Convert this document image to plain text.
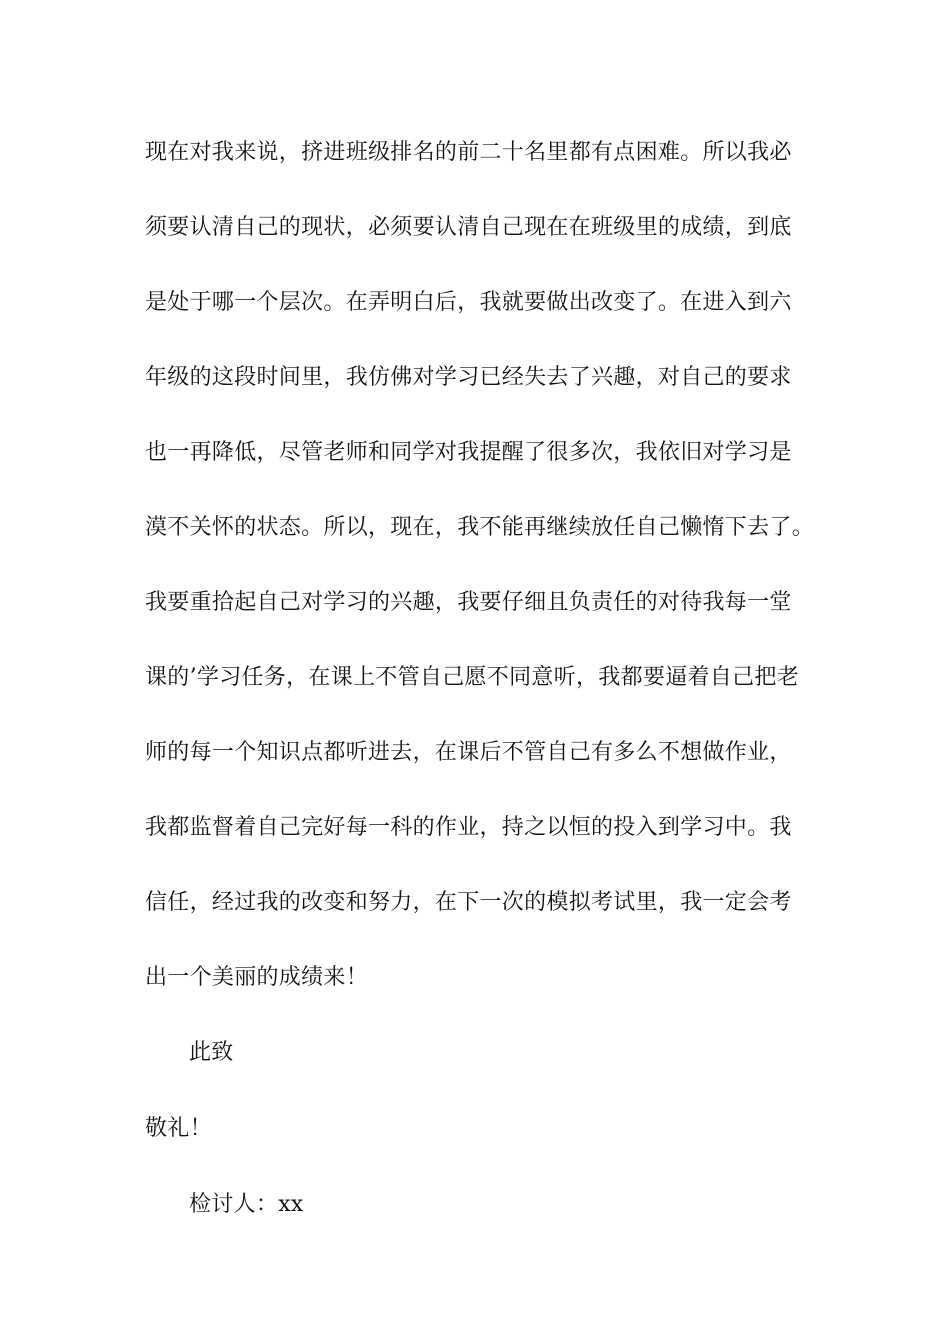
现在对我来说，挤进班级排名的前二十名里都有点困难。所以我必
须要认清自己的现状，必须要认清自己现在在班级里的成绩，到底
是处于哪一个层次。在弄明白后，我就要做出改变了。在进入到六
年级的这段时间里，我仿佛对学习已经失去了兴趣，对自己的要求
也一再降低，尽管老师和同学对我提醒了很多次，我依旧对学习是
漠不关怀的状态。所以，现在，我不能再继续放任自己懒惰下去了。
我要重拾起自己对学习的兴趣，我要仔细且负责任的对待我每一堂
课的’学习任务，在课上不管自己愿不同意听，我都要逼着自己把老
师的每一个知识点都听进去，在课后不管自己有多么不想做作业，
我都监督着自己完好每一科的作业，持之以恒的投入到学习中。我
信任，经过我的改变和努力，在下一次的模拟考试里，我一定会考
出一个美丽的成绩来！
此致
敬礼！
检讨人：xx
